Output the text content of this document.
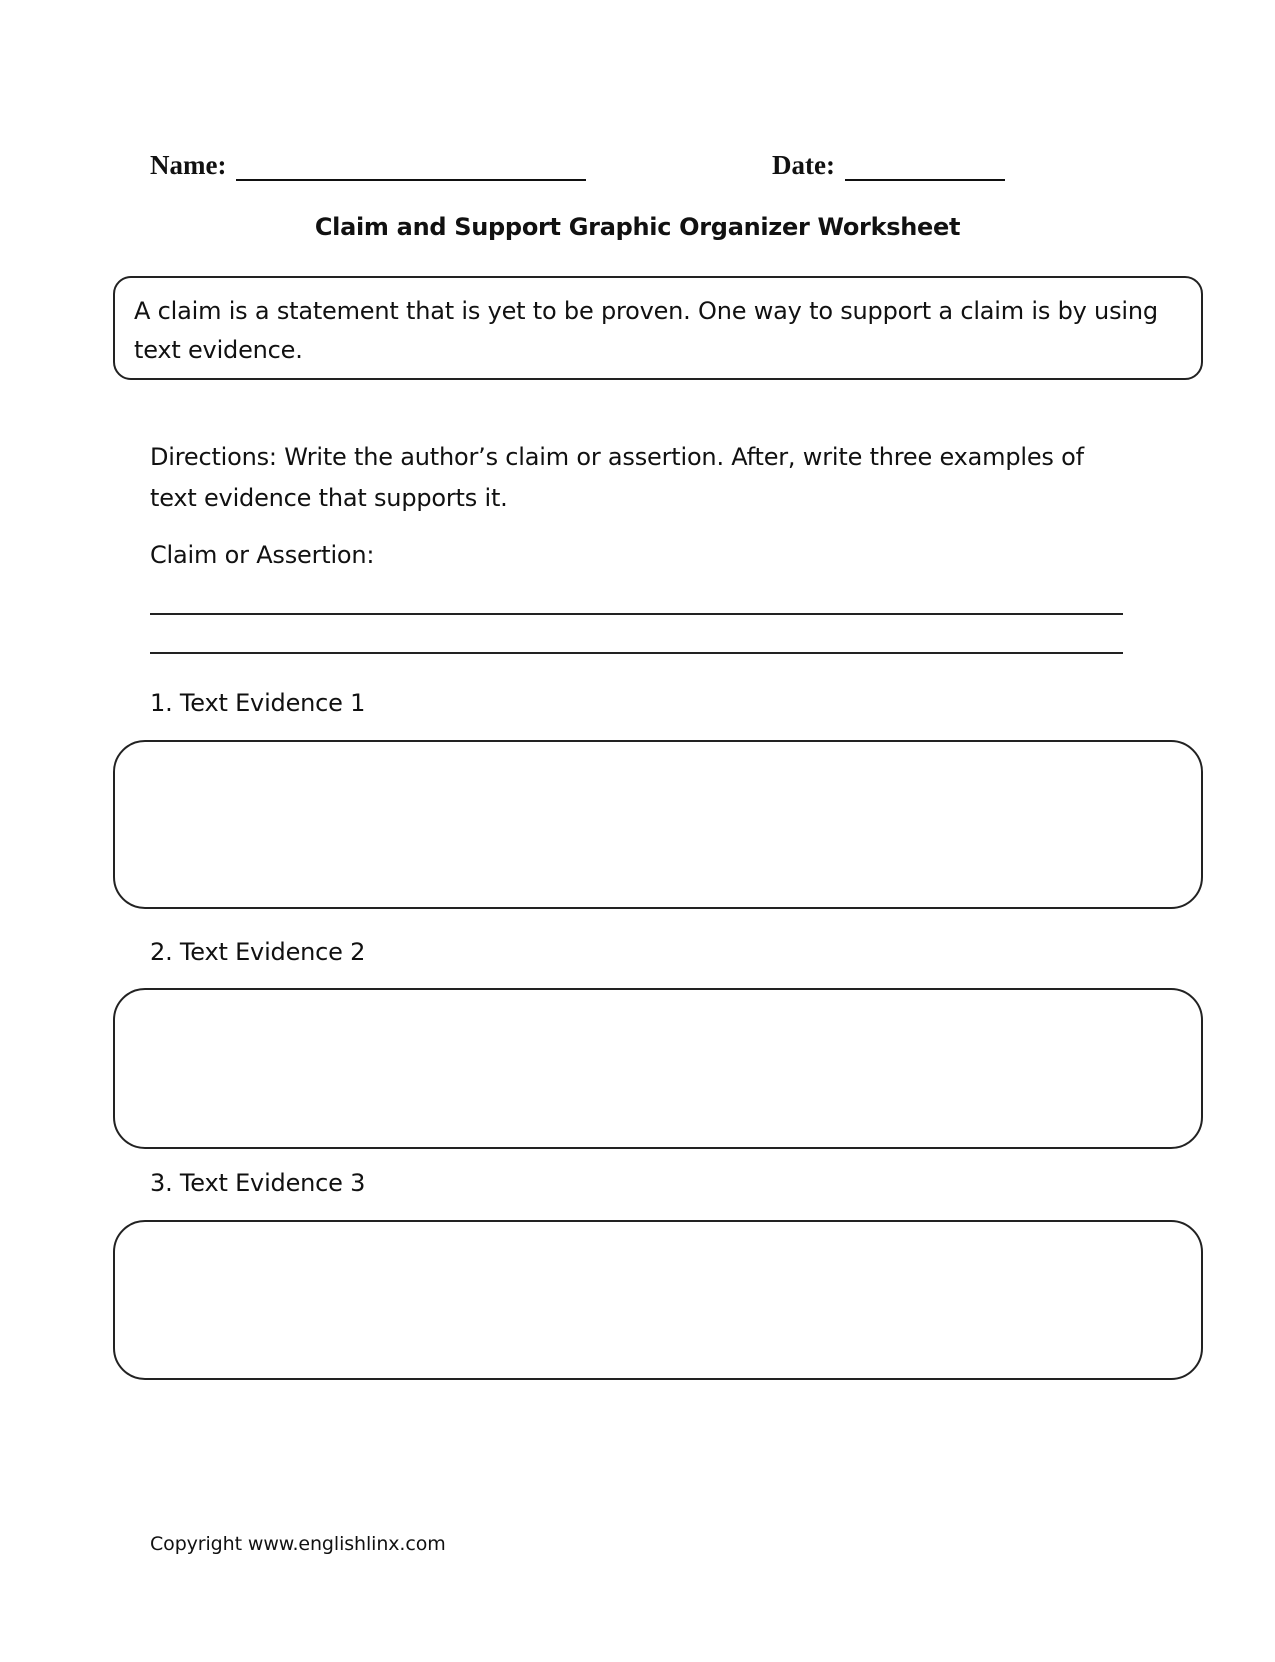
Name:	Date:
Claim and Support Graphic Organizer Worksheet
A claim is a statement that is yet to be proven. One way to support a claim is by using
text evidence.
Directions: Write the author’s claim or assertion. After, write three examples of
text evidence that supports it.
Claim or Assertion:
1. Text Evidence 1
2. Text Evidence 2
3. Text Evidence 3
Copyright www.englishlinx.com
